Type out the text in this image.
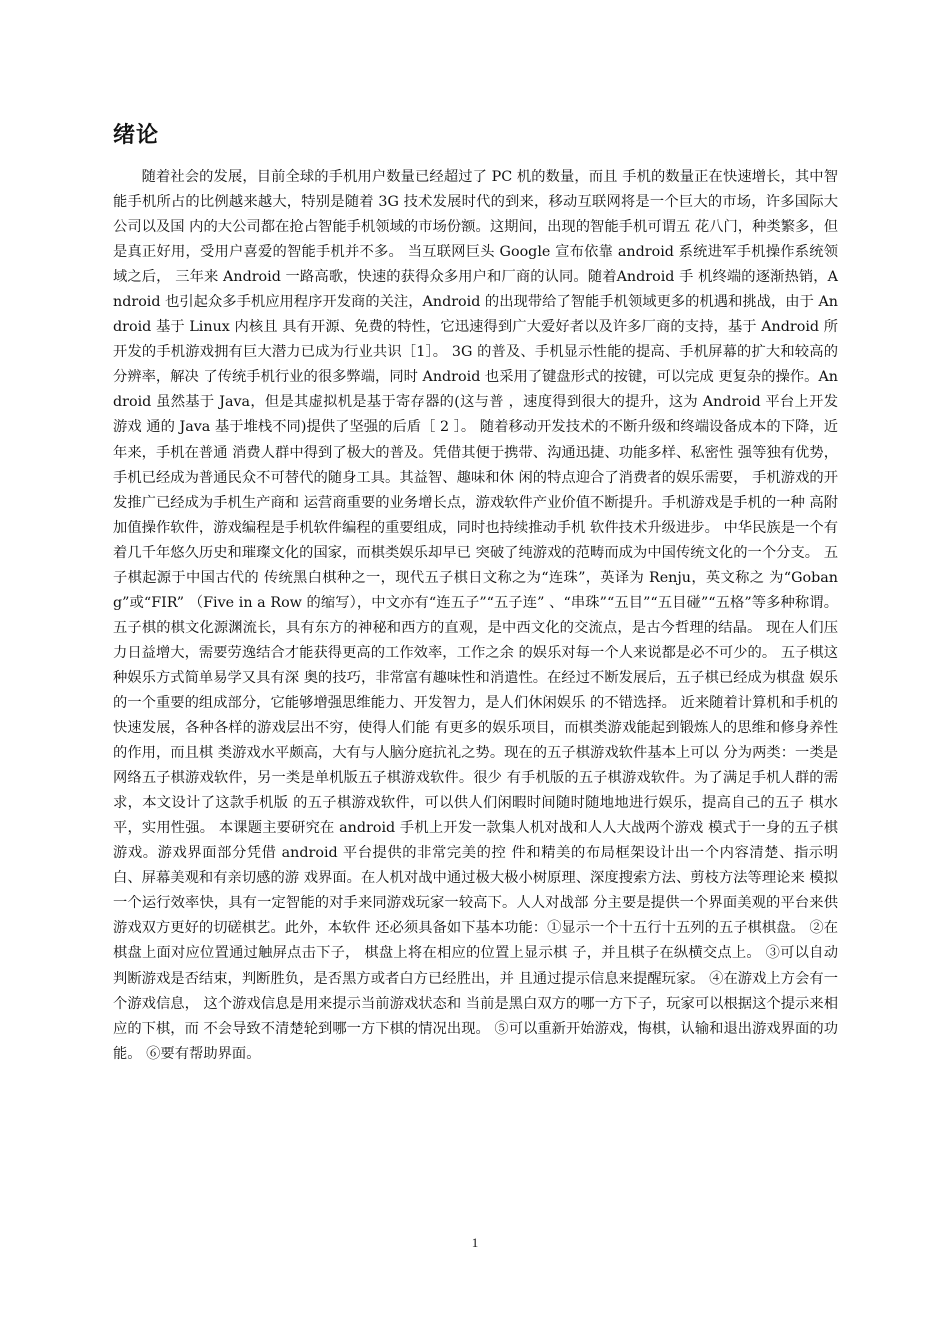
绪论

随着社会的发展，目前全球的手机用户数量已经超过了 PC 机的数量，而且 手机的数量正在快速增长，其中智能手机所占的比例越来越大，特别是随着 3G 技术发展时代的到来，移动互联网将是一个巨大的市场，许多国际大公司以及国 内的大公司都在抢占智能手机领域的市场份额。这期间，出现的智能手机可谓五 花八门，种类繁多，但是真正好用，受用户喜爱的智能手机并不多。 当互联网巨头 Google 宣布依靠 android 系统进军手机操作系统领域之后， 三年来 Android 一路高歌，快速的获得众多用户和厂商的认同。随着Android 手 机终端的逐渐热销，Android 也引起众多手机应用程序开发商的关注，Android 的出现带给了智能手机领域更多的机遇和挑战，由于 Android 基于 Linux 内核且 具有开源、免费的特性，它迅速得到广大爱好者以及许多厂商的支持，基于 Android 所开发的手机游戏拥有巨大潜力已成为行业共识［1］。 3G 的普及、手机显示性能的提高、手机屏幕的扩大和较高的分辨率，解决 了传统手机行业的很多弊端，同时 Android 也采用了键盘形式的按键，可以完成 更复杂的操作。Android 虽然基于 Java，但是其虚拟机是基于寄存器的(这与普 ，速度得到很大的提升，这为 Android 平台上开发游戏 通的 Java 基于堆栈不同)提供了坚强的后盾［ 2 ］。 随着移动开发技术的不断升级和终端设备成本的下降，近年来，手机在普通 消费人群中得到了极大的普及。凭借其便于携带、沟通迅捷、功能多样、私密性 强等独有优势，手机已经成为普通民众不可替代的随身工具。其益智、趣味和休 闲的特点迎合了消费者的娱乐需要， 手机游戏的开发推广已经成为手机生产商和 运营商重要的业务增长点，游戏软件产业价值不断提升。手机游戏是手机的一种 高附加值操作软件，游戏编程是手机软件编程的重要组成，同时也持续推动手机 软件技术升级进步。 中华民族是一个有着几千年悠久历史和璀璨文化的国家，而棋类娱乐却早已 突破了纯游戏的范畴而成为中国传统文化的一个分支。 五子棋起源于中国古代的 传统黑白棋种之一，现代五子棋日文称之为“连珠”，英译为 Renju，英文称之 为“Gobang”或“FIR” （Five in a Row 的缩写），中文亦有“连五子”“五子连” 、“串珠”“五目”“五目碰”“五格”等多种称谓。五子棋的棋文化源渊流长，具有东方的神秘和西方的直观，是中西文化的交流点，是古今哲理的结晶。 现在人们压力日益增大，需要劳逸结合才能获得更高的工作效率，工作之余 的娱乐对每一个人来说都是必不可少的。 五子棋这种娱乐方式简单易学又具有深 奥的技巧，非常富有趣味性和消遣性。在经过不断发展后，五子棋已经成为棋盘 娱乐的一个重要的组成部分，它能够增强思维能力、开发智力，是人们休闲娱乐 的不错选择。 近来随着计算机和手机的快速发展，各种各样的游戏层出不穷，使得人们能 有更多的娱乐项目，而棋类游戏能起到锻炼人的思维和修身养性的作用，而且棋 类游戏水平颇高，大有与人脑分庭抗礼之势。现在的五子棋游戏软件基本上可以 分为两类：一类是网络五子棋游戏软件，另一类是单机版五子棋游戏软件。很少 有手机版的五子棋游戏软件。为了满足手机人群的需求，本文设计了这款手机版 的五子棋游戏软件，可以供人们闲暇时间随时随地地进行娱乐，提高自己的五子 棋水平，实用性强。 本课题主要研究在 android 手机上开发一款集人机对战和人人大战两个游戏 模式于一身的五子棋游戏。游戏界面部分凭借 android 平台提供的非常完美的控 件和精美的布局框架设计出一个内容清楚、指示明白、屏幕美观和有亲切感的游 戏界面。在人机对战中通过极大极小树原理、深度搜索方法、剪枝方法等理论来 模拟一个运行效率快，具有一定智能的对手来同游戏玩家一较高下。人人对战部 分主要是提供一个界面美观的平台来供游戏双方更好的切磋棋艺。此外，本软件 还必须具备如下基本功能：①显示一个十五行十五列的五子棋棋盘。 ②在棋盘上面对应位置通过触屏点击下子， 棋盘上将在相应的位置上显示棋 子，并且棋子在纵横交点上。 ③可以自动判断游戏是否结束，判断胜负，是否黑方或者白方已经胜出，并 且通过提示信息来提醒玩家。 ④在游戏上方会有一个游戏信息， 这个游戏信息是用来提示当前游戏状态和 当前是黑白双方的哪一方下子，玩家可以根据这个提示来相应的下棋，而 不会导致不清楚轮到哪一方下棋的情况出现。 ⑤可以重新开始游戏，悔棋，认输和退出游戏界面的功能。 ⑥要有帮助界面。

1
